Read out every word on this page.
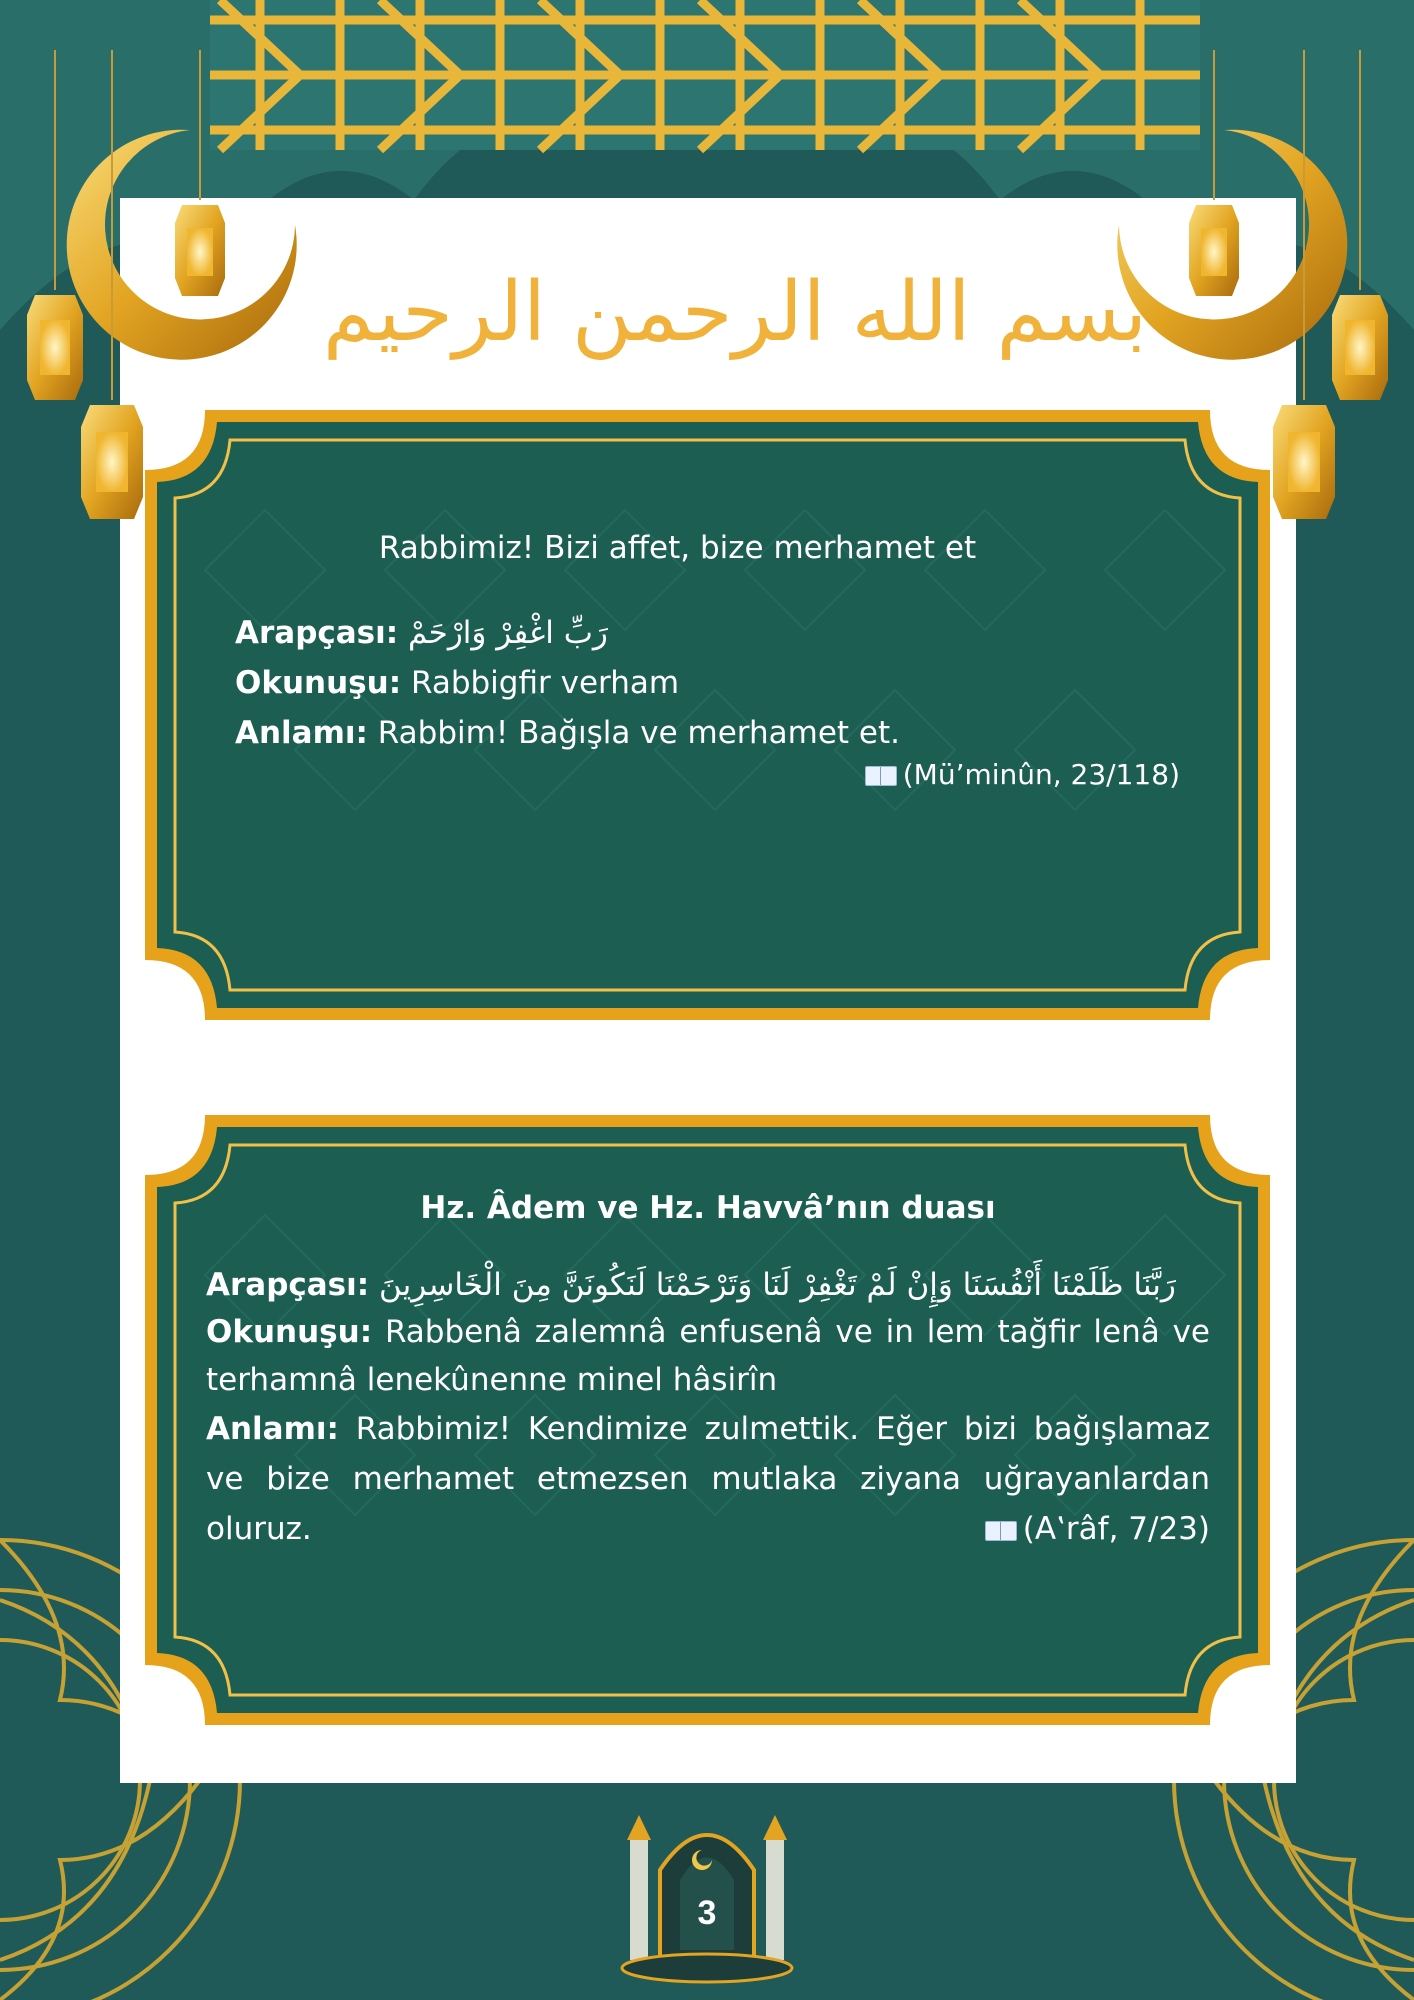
بسم الله الرحمن الرحيم
Rabbimiz! Bizi affet, bize merhamet et
Arapçası: رَبِّ اغْفِرْ وَارْحَمْ
Okunuşu: Rabbigfir verham
Anlamı: Rabbim! Bağışla ve merhamet et.
(Mü’minûn, 23/118)
Hz. Âdem ve Hz. Havvâ’nın duası
Arapçası: رَبَّنَا ظَلَمْنَا أَنْفُسَنَا وَإِنْ لَمْ تَغْفِرْ لَنَا وَتَرْحَمْنَا لَنَكُونَنَّ مِنَ الْخَاسِرِينَ
Okunuşu: Rabbenâ zalemnâ enfusenâ ve in lem tağfir lenâ ve terhamnâ lenekûnenne minel hâsirîn
Anlamı: Rabbimiz! Kendimize zulmettik. Eğer bizi bağışlamaz ve bize merhamet etmezsen mutlaka ziyana uğrayanlardan oluruz.	(A‛râf, 7/23)
3
